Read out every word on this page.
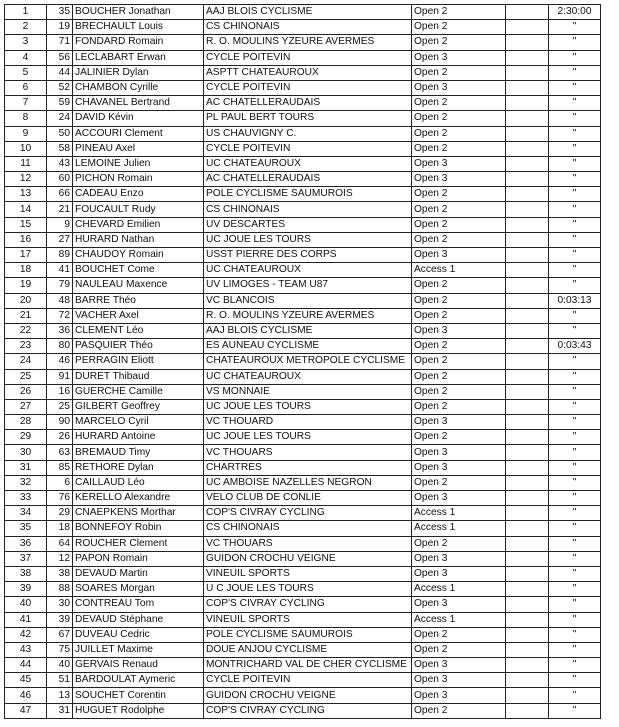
1	35	BOUCHER Jonathan	AAJ BLOIS CYCLISME	Open 2		2:30:00
2	19	BRECHAULT Louis	CS CHINONAIS	Open 2		"
3	71	FONDARD Romain	R. O. MOULINS YZEURE AVERMES	Open 2		"
4	56	LECLABART Erwan	CYCLE POITEVIN	Open 3		"
5	44	JALINIER Dylan	ASPTT CHATEAUROUX	Open 2		"
6	52	CHAMBON Cyrille	CYCLE POITEVIN	Open 3		"
7	59	CHAVANEL Bertrand	AC CHATELLERAUDAIS	Open 2		"
8	24	DAVID Kévin	PL PAUL BERT TOURS	Open 2		"
9	50	ACCOURI Clement	US CHAUVIGNY C.	Open 2		"
10	58	PINEAU Axel	CYCLE POITEVIN	Open 2		"
11	43	LEMOINE Julien	UC CHATEAUROUX	Open 3		"
12	60	PICHON Romain	AC CHATELLERAUDAIS	Open 3		"
13	66	CADEAU Enzo	POLE CYCLISME SAUMUROIS	Open 2		"
14	21	FOUCAULT Rudy	CS CHINONAIS	Open 2		"
15	9	CHEVARD Emilien	UV DESCARTES	Open 2		"
16	27	HURARD Nathan	UC JOUE LES TOURS	Open 2		"
17	89	CHAUDOY Romain	USST PIERRE DES CORPS	Open 3		"
18	41	BOUCHET Come	UC CHATEAUROUX	Access 1		"
19	79	NAULEAU Maxence	UV LIMOGES - TEAM U87	Open 2		"
20	48	BARRE Théo	VC BLANCOIS	Open 2		0:03:13
21	72	VACHER Axel	R. O. MOULINS YZEURE AVERMES	Open 2		"
22	36	CLEMENT Léo	AAJ BLOIS CYCLISME	Open 3		"
23	80	PASQUIER Théo	ES AUNEAU CYCLISME	Open 2		0:03:43
24	46	PERRAGIN Eliott	CHATEAUROUX METROPOLE CYCLISME	Open 2		"
25	91	DURET Thibaud	UC CHATEAUROUX	Open 2		"
26	16	GUERCHE Camille	VS MONNAIE	Open 2		"
27	25	GILBERT Geoffrey	UC JOUE LES TOURS	Open 2		"
28	90	MARCELO Cyril	VC THOUARD	Open 3		"
29	26	HURARD Antoine	UC JOUE LES TOURS	Open 2		"
30	63	BREMAUD Timy	VC THOUARS	Open 3		"
31	85	RETHORE Dylan	CHARTRES	Open 3		"
32	6	CAILLAUD Léo	UC AMBOISE NAZELLES NEGRON	Open 2		"
33	76	KERELLO Alexandre	VELO CLUB DE CONLIE	Open 3		"
34	29	CNAEPKENS Morthar	COP'S CIVRAY CYCLING	Access 1		"
35	18	BONNEFOY Robin	CS CHINONAIS	Access 1		"
36	64	ROUCHER Clement	VC THOUARS	Open 2		"
37	12	PAPON Romain	GUIDON CROCHU VEIGNE	Open 3		"
38	38	DEVAUD Martin	VINEUIL SPORTS	Open 3		"
39	88	SOARES Morgan	U C JOUE LES TOURS	Access 1		"
40	30	CONTREAU Tom	COP'S CIVRAY CYCLING	Open 3		"
41	39	DEVAUD Stéphane	VINEUIL SPORTS	Access 1		"
42	67	DUVEAU Cedric	POLE CYCLISME SAUMUROIS	Open 2		"
43	75	JUILLET Maxime	DOUE ANJOU CYCLISME	Open 2		"
44	40	GERVAIS Renaud	MONTRICHARD VAL DE CHER CYCLISME	Open 3		"
45	51	BARDOULAT Aymeric	CYCLE POITEVIN	Open 3		"
46	13	SOUCHET Corentin	GUIDON CROCHU VEIGNE	Open 3		"
47	31	HUGUET Rodolphe	COP'S CIVRAY CYCLING	Open 2		"
